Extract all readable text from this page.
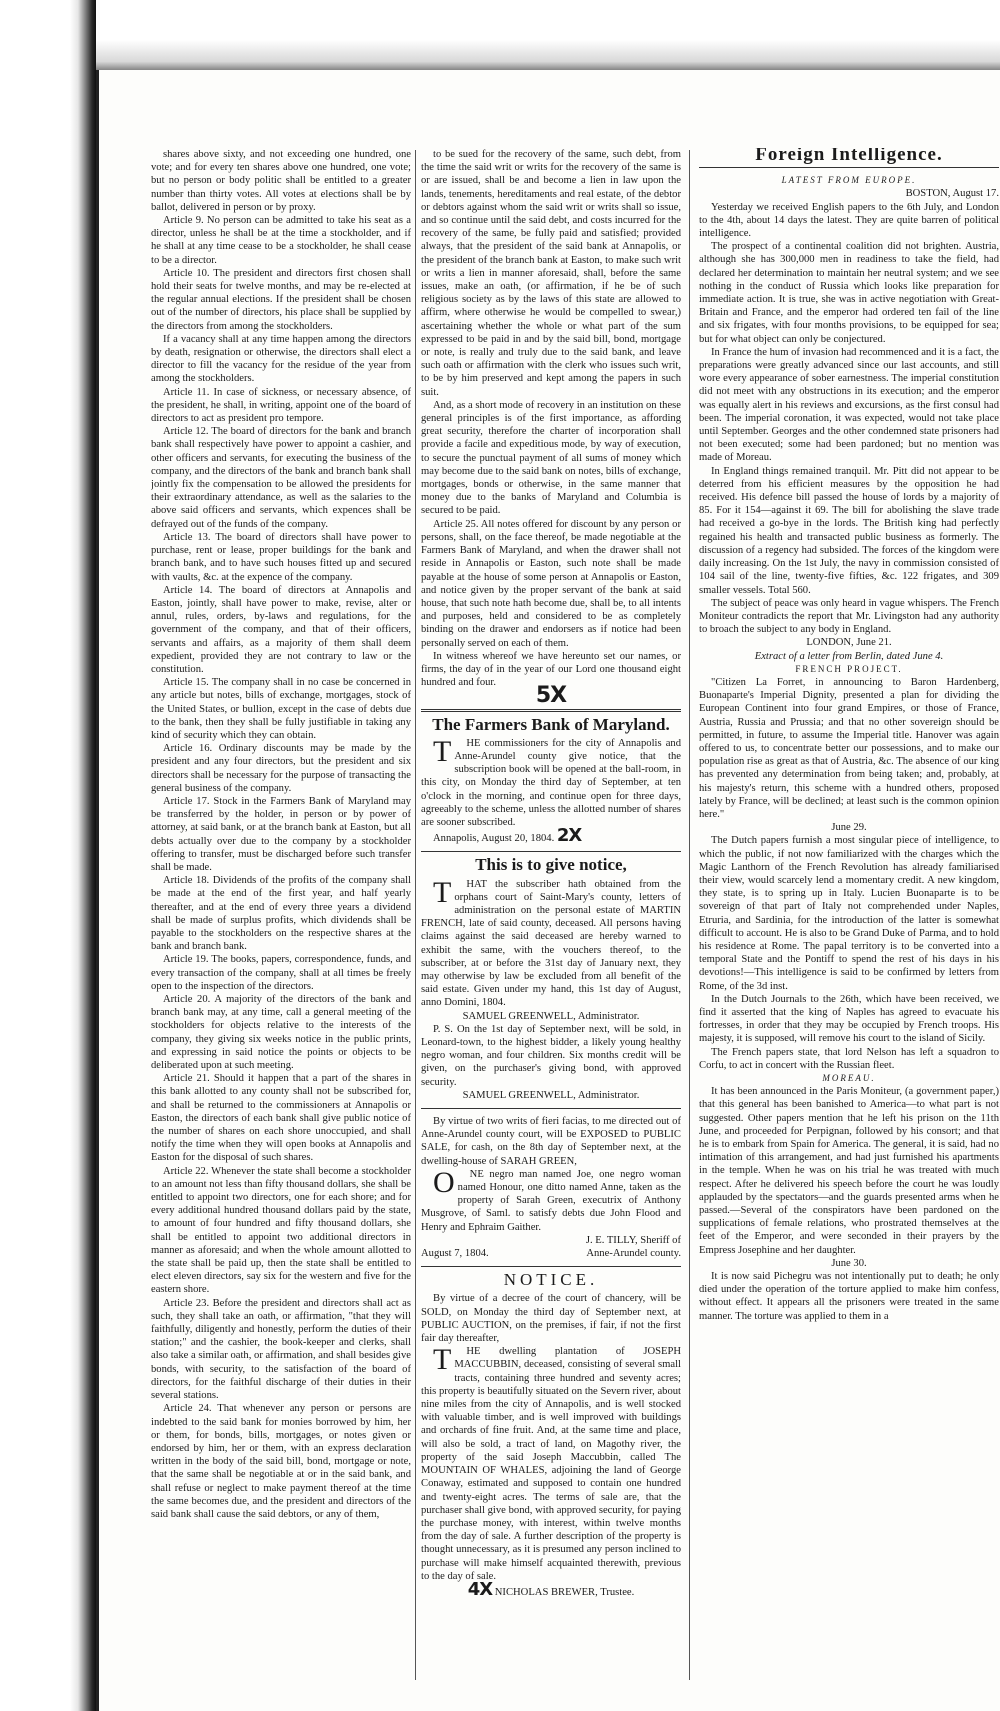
shares above sixty, and not exceeding one hundred, one vote; and for every ten shares above one hundred, one vote; but no person or body politic shall be entitled to a greater number than thirty votes. All votes at elections shall be by ballot, delivered in person or by proxy.

Article 9. No person can be admitted to take his seat as a director, unless he shall be at the time a stockholder, and if he shall at any time cease to be a stockholder, he shall cease to be a director.

Article 10. The president and directors first chosen shall hold their seats for twelve months, and may be re-elected at the regular annual elections. If the president shall be chosen out of the number of directors, his place shall be supplied by the directors from among the stockholders.

If a vacancy shall at any time happen among the directors by death, resignation or otherwise, the directors shall elect a director to fill the vacancy for the residue of the year from among the stockholders.

Article 11. In case of sickness, or necessary absence, of the president, he shall, in writing, appoint one of the board of directors to act as president pro tempore.

Article 12. The board of directors for the bank and branch bank shall respectively have power to appoint a cashier, and other officers and servants, for executing the business of the company, and the directors of the bank and branch bank shall jointly fix the compensation to be allowed the presidents for their extraordinary attendance, as well as the salaries to the above said officers and servants, which expences shall be defrayed out of the funds of the company.

Article 13. The board of directors shall have power to purchase, rent or lease, proper buildings for the bank and branch bank, and to have such houses fitted up and secured with vaults, &c. at the expence of the company.

Article 14. The board of directors at Annapolis and Easton, jointly, shall have power to make, revise, alter or annul, rules, orders, by-laws and regulations, for the government of the company, and that of their officers, servants and affairs, as a majority of them shall deem expedient, provided they are not contrary to law or the constitution.

Article 15. The company shall in no case be concerned in any article but notes, bills of exchange, mortgages, stock of the United States, or bullion, except in the case of debts due to the bank, then they shall be fully justifiable in taking any kind of security which they can obtain.

Article 16. Ordinary discounts may be made by the president and any four directors, but the president and six directors shall be necessary for the purpose of transacting the general business of the company.

Article 17. Stock in the Farmers Bank of Maryland may be transferred by the holder, in person or by power of attorney, at said bank, or at the branch bank at Easton, but all debts actually over due to the company by a stockholder offering to transfer, must be discharged before such transfer shall be made.

Article 18. Dividends of the profits of the company shall be made at the end of the first year, and half yearly thereafter, and at the end of every three years a dividend shall be made of surplus profits, which dividends shall be payable to the stockholders on the respective shares at the bank and branch bank.

Article 19. The books, papers, correspondence, funds, and every transaction of the company, shall at all times be freely open to the inspection of the directors.

Article 20. A majority of the directors of the bank and branch bank may, at any time, call a general meeting of the stockholders for objects relative to the interests of the company, they giving six weeks notice in the public prints, and expressing in said notice the points or objects to be deliberated upon at such meeting.

Article 21. Should it happen that a part of the shares in this bank allotted to any county shall not be subscribed for, and shall be returned to the commissioners at Annapolis or Easton, the directors of each bank shall give public notice of the number of shares on each shore unoccupied, and shall notify the time when they will open books at Annapolis and Easton for the disposal of such shares.

Article 22. Whenever the state shall become a stockholder to an amount not less than fifty thousand dollars, she shall be entitled to appoint two directors, one for each shore; and for every additional hundred thousand dollars paid by the state, to amount of four hundred and fifty thousand dollars, she shall be entitled to appoint two additional directors in manner as aforesaid; and when the whole amount allotted to the state shall be paid up, then the state shall be entitled to elect eleven directors, say six for the western and five for the eastern shore.

Article 23. Before the president and directors shall act as such, they shall take an oath, or affirmation, "that they will faithfully, diligently and honestly, perform the duties of their station;" and the cashier, the book-keeper and clerks, shall also take a similar oath, or affirmation, and shall besides give bonds, with security, to the satisfaction of the board of directors, for the faithful discharge of their duties in their several stations.

Article 24. That whenever any person or persons are indebted to the said bank for monies borrowed by him, her or them, for bonds, bills, mortgages, or notes given or endorsed by him, her or them, with an express declaration written in the body of the said bill, bond, mortgage or note, that the same shall be negotiable at or in the said bank, and shall refuse or neglect to make payment thereof at the time the same becomes due, and the president and directors of the said bank shall cause the said debtors, or any of them,

to be sued for the recovery of the same, such debt, from the time the said writ or writs for the recovery of the same is or are issued, shall be and become a lien in law upon the lands, tenements, hereditaments and real estate, of the debtor or debtors against whom the said writ or writs shall so issue, and so continue until the said debt, and costs incurred for the recovery of the same, be fully paid and satisfied; provided always, that the president of the said bank at Annapolis, or the president of the branch bank at Easton, to make such writ or writs a lien in manner aforesaid, shall, before the same issues, make an oath, (or affirmation, if he be of such religious society as by the laws of this state are allowed to affirm, where otherwise he would be compelled to swear,) ascertaining whether the whole or what part of the sum expressed to be paid in and by the said bill, bond, mortgage or note, is really and truly due to the said bank, and leave such oath or affirmation with the clerk who issues such writ, to be by him preserved and kept among the papers in such suit.

And, as a short mode of recovery in an institution on these general principles is of the first importance, as affording great security, therefore the charter of incorporation shall provide a facile and expeditious mode, by way of execution, to secure the punctual payment of all sums of money which may become due to the said bank on notes, bills of exchange, mortgages, bonds or otherwise, in the same manner that money due to the banks of Maryland and Columbia is secured to be paid.

Article 25. All notes offered for discount by any person or persons, shall, on the face thereof, be made negotiable at the Farmers Bank of Maryland, and when the drawer shall not reside in Annapolis or Easton, such note shall be made payable at the house of some person at Annapolis or Easton, and notice given by the proper servant of the bank at said house, that such note hath become due, shall be, to all intents and purposes, held and considered to be as completely binding on the drawer and endorsers as if notice had been personally served on each of them.

In witness whereof we have hereunto set our names, or firms, the day of in the year of our Lord one thousand eight hundred and four.

5X
The Farmers Bank of Maryland.

T HE commissioners for the city of Annapolis and Anne-Arundel county give notice, that the subscription book will be opened at the ball-room, in this city, on Monday the third day of September, at ten o'clock in the morning, and continue open for three days, agreeably to the scheme, unless the allotted number of shares are sooner subscribed.

Annapolis, August 20, 1804. 2X
This is to give notice,

T HAT the subscriber hath obtained from the orphans court of Saint-Mary's county, letters of administration on the personal estate of MARTIN FRENCH, late of said county, deceased. All persons having claims against the said deceased are hereby warned to exhibit the same, with the vouchers thereof, to the subscriber, at or before the 31st day of January next, they may otherwise by law be excluded from all benefit of the said estate. Given under my hand, this 1st day of August, anno Domini, 1804.

SAMUEL GREENWELL, Administrator.

P. S. On the 1st day of September next, will be sold, in Leonard-town, to the highest bidder, a likely young healthy negro woman, and four children. Six months credit will be given, on the purchaser's giving bond, with approved security.

SAMUEL GREENWELL, Administrator.

By virtue of two writs of fieri facias, to me directed out of Anne-Arundel county court, will be EXPOSED to PUBLIC SALE, for cash, on the 8th day of September next, at the dwelling-house of SARAH GREEN,

O NE negro man named Joe, one negro woman named Honour, one ditto named Anne, taken as the property of Sarah Green, executrix of Anthony Musgrove, of Saml. to satisfy debts due John Flood and Henry and Ephraim Gaither.

J. E. TILLY, Sheriff of

August 7, 1804.	Anne-Arundel county.
NOTICE.

By virtue of a decree of the court of chancery, will be SOLD, on Monday the third day of September next, at PUBLIC AUCTION, on the premises, if fair, if not the first fair day thereafter,

T HE dwelling plantation of JOSEPH MACCUBBIN, deceased, consisting of several small tracts, containing three hundred and seventy acres; this property is beautifully situated on the Severn river, about nine miles from the city of Annapolis, and is well stocked with valuable timber, and is well improved with buildings and orchards of fine fruit. And, at the same time and place, will also be sold, a tract of land, on Magothy river, the property of the said Joseph Maccubbin, called The MOUNTAIN OF WHALES, adjoining the land of George Conaway, estimated and supposed to contain one hundred and twenty-eight acres. The terms of sale are, that the purchaser shall give bond, with approved security, for paying the purchase money, with interest, within twelve months from the day of sale. A further description of the property is thought unnecessary, as it is presumed any person inclined to purchase will make himself acquainted therewith, previous to the day of sale.

4X NICHOLAS BREWER, Trustee.
Foreign Intelligence.
LATEST FROM EUROPE.
BOSTON, August 17.

Yesterday we received English papers to the 6th July, and London to the 4th, about 14 days the latest. They are quite barren of political intelligence.

The prospect of a continental coalition did not brighten. Austria, although she has 300,000 men in readiness to take the field, had declared her determination to maintain her neutral system; and we see nothing in the conduct of Russia which looks like preparation for immediate action. It is true, she was in active negotiation with Great-Britain and France, and the emperor had ordered ten fail of the line and six frigates, with four months provisions, to be equipped for sea; but for what object can only be conjectured.

In France the hum of invasion had recommenced and it is a fact, the preparations were greatly advanced since our last accounts, and still wore every appearance of sober earnestness. The imperial constitution did not meet with any obstructions in its execution; and the emperor was equally alert in his reviews and excursions, as the first consul had been. The imperial coronation, it was expected, would not take place until September. Georges and the other condemned state prisoners had not been executed; some had been pardoned; but no mention was made of Moreau.

In England things remained tranquil. Mr. Pitt did not appear to be deterred from his efficient measures by the opposition he had received. His defence bill passed the house of lords by a majority of 85. For it 154—against it 69. The bill for abolishing the slave trade had received a go-bye in the lords. The British king had perfectly regained his health and transacted public business as formerly. The discussion of a regency had subsided. The forces of the kingdom were daily increasing. On the 1st July, the navy in commission consisted of 104 sail of the line, twenty-five fifties, &c. 122 frigates, and 309 smaller vessels. Total 560.

The subject of peace was only heard in vague whispers. The French Moniteur contradicts the report that Mr. Livingston had any authority to broach the subject to any body in England.

LONDON, June 21.
Extract of a letter from Berlin, dated June 4.
FRENCH PROJECT.

"Citizen La Forret, in announcing to Baron Hardenberg, Buonaparte's Imperial Dignity, presented a plan for dividing the European Continent into four grand Empires, or those of France, Austria, Russia and Prussia; and that no other sovereign should be permitted, in future, to assume the Imperial title. Hanover was again offered to us, to concentrate better our possessions, and to make our population rise as great as that of Austria, &c. The absence of our king has prevented any determination from being taken; and, probably, at his majesty's return, this scheme with a hundred others, proposed lately by France, will be declined; at least such is the common opinion here."

June 29.

The Dutch papers furnish a most singular piece of intelligence, to which the public, if not now familiarized with the charges which the Magic Lanthorn of the French Revolution has already familiarised their view, would scarcely lend a momentary credit. A new kingdom, they state, is to spring up in Italy. Lucien Buonaparte is to be sovereign of that part of Italy not comprehended under Naples, Etruria, and Sardinia, for the introduction of the latter is somewhat difficult to account. He is also to be Grand Duke of Parma, and to hold his residence at Rome. The papal territory is to be converted into a temporal State and the Pontiff to spend the rest of his days in his devotions!—This intelligence is said to be confirmed by letters from Rome, of the 3d inst.

In the Dutch Journals to the 26th, which have been received, we find it asserted that the king of Naples has agreed to evacuate his fortresses, in order that they may be occupied by French troops. His majesty, it is supposed, will remove his court to the island of Sicily.

The French papers state, that lord Nelson has left a squadron to Corfu, to act in concert with the Russian fleet.

MOREAU.

It has been announced in the Paris Moniteur, (a government paper,) that this general has been banished to America—to what part is not suggested. Other papers mention that he left his prison on the 11th June, and proceeded for Perpignan, followed by his consort; and that he is to embark from Spain for America. The general, it is said, had no intimation of this arrangement, and had just furnished his apartments in the temple. When he was on his trial he was treated with much respect. After he delivered his speech before the court he was loudly applauded by the spectators—and the guards presented arms when he passed.—Several of the conspirators have been pardoned on the supplications of female relations, who prostrated themselves at the feet of the Emperor, and were seconded in their prayers by the Empress Josephine and her daughter.

June 30.

It is now said Pichegru was not intentionally put to death; he only died under the operation of the torture applied to make him confess, without effect. It appears all the prisoners were treated in the same manner. The torture was applied to them in a
